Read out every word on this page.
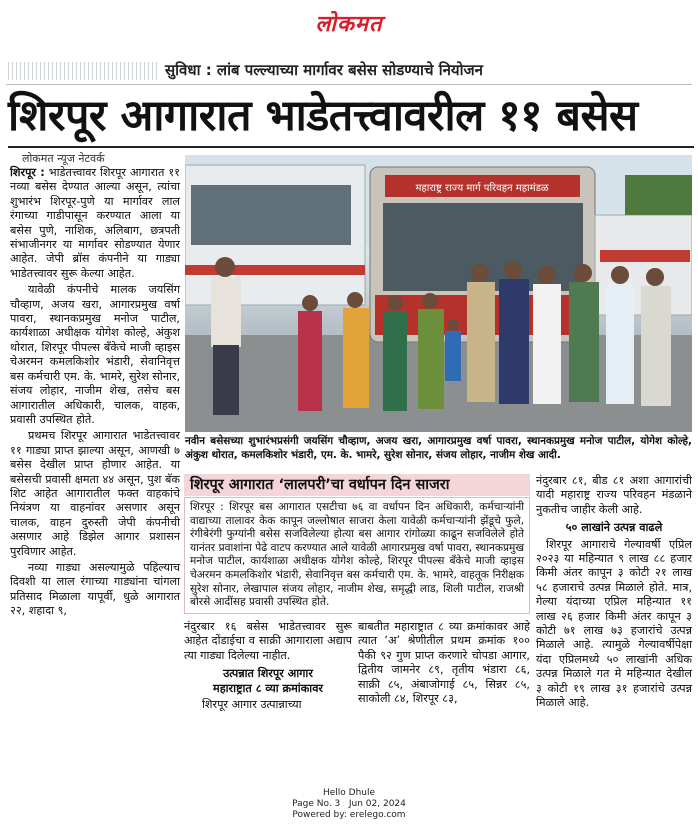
लोकमत
सुविधा : लांब पल्ल्याच्या मार्गावर बसेस सोडण्याचे नियोजन
शिरपूर आगारात भाडेतत्त्वावरील ११ बसेस
लोकमत न्यूज नेटवर्क

शिरपूर : भाडेतत्त्वावर शिरपूर आगारात ११ नव्या बसेस देण्यात आल्या असून, त्यांचा शुभारंभ शिरपूर-पुणे या मार्गावर लाल रंगाच्या गाडीपासून करण्यात आला या बसेस पुणे, नाशिक, अलिबाग, छत्रपती संभाजीनगर या मार्गावर सोडण्यात येणार आहेत. जेपी ब्रॉस कंपनीने या गाड्या भाडेतत्त्वावर सुरू केल्या आहेत.

यावेळी कंपनीचे मालक जयसिंग चौव्हाण, अजय खरा, आगारप्रमुख वर्षा पावरा, स्थानकप्रमुख मनोज पाटील, कार्यशाळा अधीक्षक योगेश कोल्हे, अंकुश थोरात, शिरपूर पीपल्स बँकेचे माजी व्हाइस चेअरमन कमलकिशोर भंडारी, सेवानिवृत्त बस कर्मचारी एम. के. भामरे, सुरेश सोनार, संजय लोहार, नाजीम शेख, तसेच बस आगारातील अधिकारी, चालक, वाहक, प्रवासी उपस्थित होते.

प्रथमच शिरपूर आगारात भाडेतत्त्वावर ११ गाड्या प्राप्त झाल्या असून, आणखी ७ बसेस देखील प्राप्त होणार आहेत. या बसेसची प्रवासी क्षमता ४४ असून, पुश बॅक शिट आहेत आगारातील फक्त वाहकांचे नियंत्रण या वाहनांवर असणार असून चालक, वाहन दुरुस्ती जेपी कंपनीची असणार आहे डिझेल आगार प्रशासन पुरविणार आहेत.

नव्या गाड्या असल्यामुळे पहिल्याच दिवशी या लाल रंगाच्या गाड्यांना चांगला प्रतिसाद मिळाला यापूर्वी, धुळे आगारात २२, शहादा ९,

महाराष्ट्र राज्य मार्ग परिवहन महामंडळ
नवीन बसेसच्या शुभारंभप्रसंगी जयसिंग चौव्हाण, अजय खरा, आगारप्रमुख वर्षा पावरा, स्थानकप्रमुख मनोज पाटील, योगेश कोल्हे, अंकुश थोरात, कमलकिशोर भंडारी, एम. के. भामरे, सुरेश सोनार, संजय लोहार, नाजीम शेख आदी.
शिरपूर आगारात ‘लालपरी’चा वर्धापन दिन साजरा
शिरपूर : शिरपूर बस आगारात एसटीचा ७६ वा वर्धापन दिन अधिकारी, कर्मचाऱ्यांनी वाद्याच्या तालावर केक कापून जल्लोषात साजरा केला यावेळी कर्मचाऱ्यांनी झेंडूचे फुले, रंगीबेरंगी फुग्यांनी बसेस सजविलेल्या होत्या बस आगार रांगोळ्या काढून सजविलेले होते यानंतर प्रवाशांना पेढे वाटप करण्यात आले यावेळी आगारप्रमुख वर्षा पावरा, स्थानकप्रमुख मनोज पाटील, कार्यशाळा अधीक्षक योगेश कोल्हे, शिरपूर पीपल्स बँकेचे माजी व्हाइस चेअरमन कमलकिशोर भंडारी, सेवानिवृत्त बस कर्मचारी एम. के. भामरे, वाहतूक निरीक्षक सुरेश सोनार, लेखापाल संजय लोहार, नाजीम शेख, समृद्धी लाड, शिली पाटील, राजश्री बोरसे आदींसह प्रवासी उपस्थित होते.

नंदुरबार ८१, बीड ८१ अशा आगारांची यादी महाराष्ट्र राज्य परिवहन मंडळाने नुकतीच जाहीर केली आहे.

५० लाखांने उत्पन्न वाढले

शिरपूर आगाराचे गेल्यावर्षी एप्रिल २०२३ या महिन्यात ९ लाख ८८ हजार किमी अंतर कापून ३ कोटी २१ लाख ५८ हजाराचे उत्पन्न मिळाले होते. मात्र, गेल्या यंदाच्या एप्रिल महिन्यात ११ लाख २६ हजार किमी अंतर कापून ३ कोटी ७१ लाख ७३ हजारांचे उत्पन्न मिळाले आहे. त्यामुळे गेल्यावर्षीपेक्षा यंदा एप्रिलमध्ये ५० लाखांनी अधिक उत्पन्न मिळाले गत मे महिन्यात देखील ३ कोटी १९ लाख ३१ हजारांचे उत्पन्न मिळाले आहे.

नंदुरबार १६ बसेस भाडेतत्त्वावर सुरू आहेत दोंडाईचा व साक्री आगाराला अद्याप त्या गाड्या दिलेल्या नाहीत.

उत्पन्नात शिरपूर आगार

महाराष्ट्रात ८ व्या क्रमांकावर

शिरपूर आगार उत्पान्नाच्या

बाबतीत महाराष्ट्रात ८ व्या क्रमांकावर आहे त्यात ‘अ’ श्रेणीतील प्रथम क्रमांक १०० पैकी ९२ गुण प्राप्त करणारे चोपडा आगार, द्वितीय जामनेर ८९, तृतीय भंडारा ८६, साक्री ८५, अंबाजोगाई ८५, सिन्नर ८५, साकोली ८४, शिरपूर ८३,

Hello Dhule
Page No. 3   Jun 02, 2024
Powered by: erelego.com
